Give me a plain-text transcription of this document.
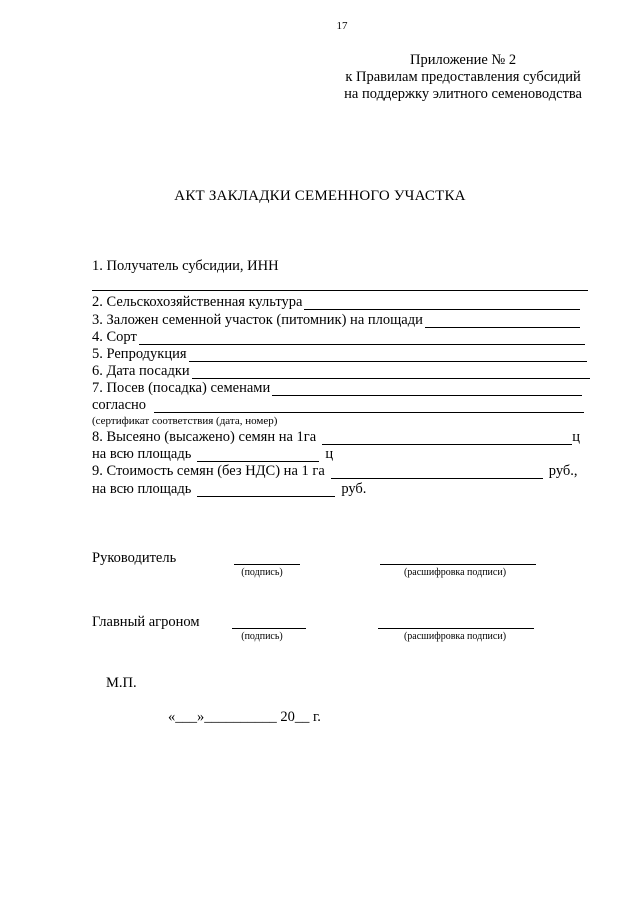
17
Приложение № 2
к Правилам предоставления субсидий
на поддержку элитного семеноводства
АКТ ЗАКЛАДКИ СЕМЕННОГО УЧАСТКА
1. Получатель субсидии, ИНН
2. Сельскохозяйственная культура
3. Заложен семенной участок (питомник) на площади
4. Сорт
5. Репродукция
6. Дата посадки
7. Посев (посадка) семенами
согласно
(сертификат соответствия (дата, номер)
8. Высеяно (высажено) семян на 1га	ц
на всю площадь	ц
9. Стоимость семян (без НДС) на 1 га	руб.,
на всю площадь	руб.
Руководитель
(подпись)	(расшифровка подписи)
Главный агроном
(подпись)	(расшифровка подписи)
М.П.
«___»__________ 20__ г.
